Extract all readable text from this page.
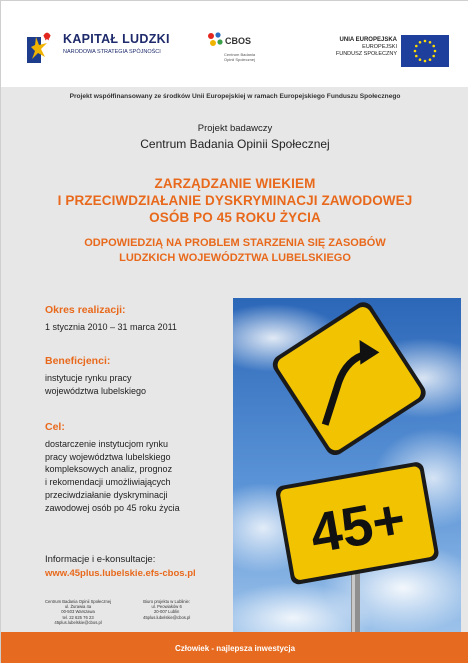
KAPITAŁ LUDZKI
NARODOWA STRATEGIA SPÓJNOŚCI
CBOS
Centrum Badania
Opinii Społecznej
UNIA EUROPEJSKA
EUROPEJSKI
FUNDUSZ SPOŁECZNY
Projekt współfinansowany ze środków Unii Europejskiej w ramach Europejskiego Funduszu Społecznego
Projekt badawczy
Centrum Badania Opinii Społecznej
ZARZĄDZANIE WIEKIEM
I PRZECIWDZIAŁANIE DYSKRYMINACJI ZAWODOWEJ
OSÓB PO 45 ROKU ŻYCIA
ODPOWIEDZIĄ NA PROBLEM STARZENIA SIĘ ZASOBÓW
LUDZKICH WOJEWÓDZTWA LUBELSKIEGO
Okres realizacji:
1 stycznia 2010 – 31 marca 2011
Beneficjenci:
instytucje rynku pracy
województwa lubelskiego
Cel:
dostarczenie instytucjom rynku
pracy województwa lubelskiego
kompleksowych analiz, prognoz
i rekomendacji umożliwiających
przeciwdziałanie dyskryminacji
zawodowej osób po 45 roku życia
Informacje i e-konsultacje:
www.45plus.lubelskie.efs-cbos.pl
Centrum Badania Opinii Społecznej
ul. Żurawia 4a
00-503 Warszawa
tel. 22 625 76 23
45plus.lubelskie@cbos.pl
Biuro projektu w Lublinie:
ul. Peowiaków 6
20-007 Lublin
45plus.lubelskie@cbos.pl
45+
Człowiek - najlepsza inwestycja
